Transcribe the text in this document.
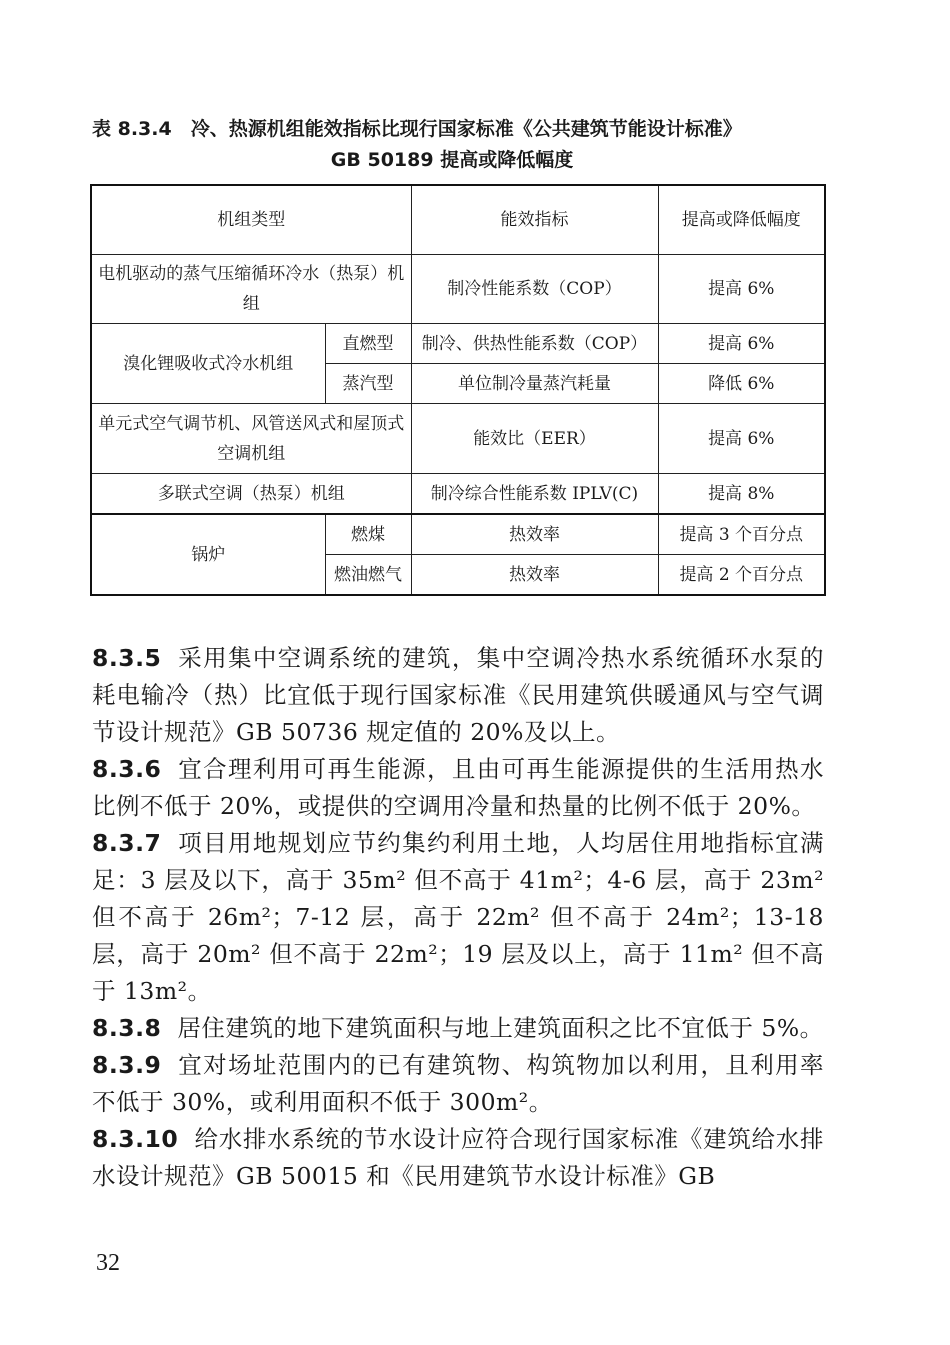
表 8.3.4　冷、热源机组能效指标比现行国家标准《公共建筑节能设计标准》
GB 50189 提高或降低幅度
机组类型		能效指标	提高或降低幅度
电机驱动的蒸气压缩循环冷水（热泵）机组		制冷性能系数（COP）	提高 6%
溴化锂吸收式冷水机组	直燃型	制冷、供热性能系数（COP）	提高 6%
	蒸汽型	单位制冷量蒸汽耗量	降低 6%
单元式空气调节机、风管送风式和屋顶式空调机组		能效比（EER）	提高 6%
多联式空调（热泵）机组		制冷综合性能系数 IPLV(C)	提高 8%
锅炉	燃煤	热效率	提高 3 个百分点
	燃油燃气	热效率	提高 2 个百分点

8.3.5 采用集中空调系统的建筑，集中空调冷热水系统循环水泵的耗电输冷（热）比宜低于现行国家标准《民用建筑供暖通风与空气调节设计规范》GB 50736 规定值的 20%及以上。

8.3.6 宜合理利用可再生能源，且由可再生能源提供的生活用热水比例不低于 20%，或提供的空调用冷量和热量的比例不低于 20%。

8.3.7 项目用地规划应节约集约利用土地，人均居住用地指标宜满足：3 层及以下，高于 35m² 但不高于 41m²；4-6 层，高于 23m² 但不高于 26m²；7-12 层，高于 22m² 但不高于 24m²；13-18 层，高于 20m² 但不高于 22m²；19 层及以上，高于 11m² 但不高于 13m²。

8.3.8 居住建筑的地下建筑面积与地上建筑面积之比不宜低于 5%。

8.3.9 宜对场址范围内的已有建筑物、构筑物加以利用，且利用率不低于 30%，或利用面积不低于 300m²。

8.3.10 给水排水系统的节水设计应符合现行国家标准《建筑给水排水设计规范》GB 50015 和《民用建筑节水设计标准》GB

32
